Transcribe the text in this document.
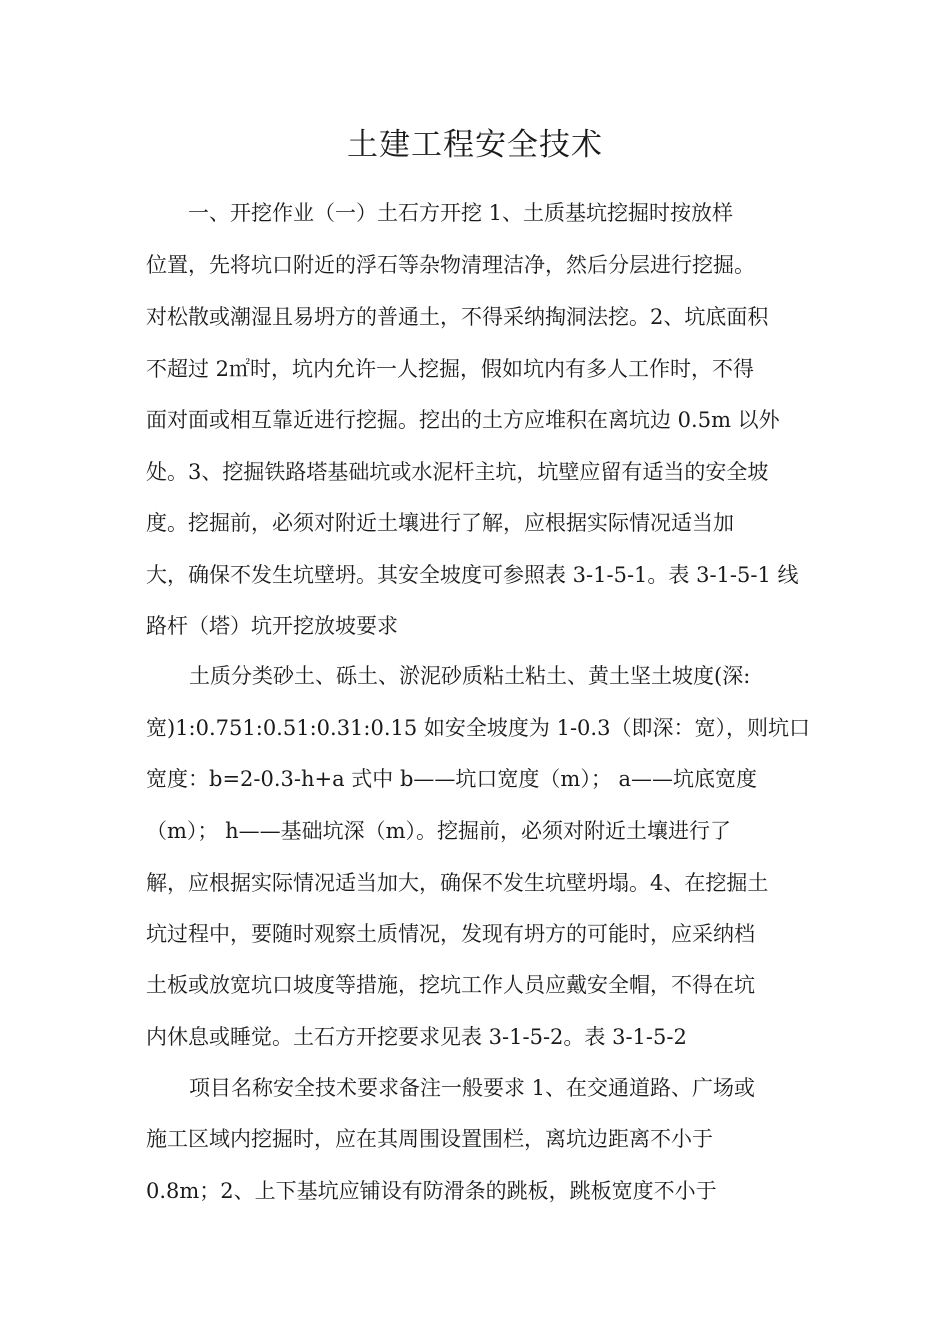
土建工程安全技术

　　一、开挖作业（一）土石方开挖 1、土质基坑挖掘时按放样

位置，先将坑口附近的浮石等杂物清理洁净，然后分层进行挖掘。

对松散或潮湿且易坍方的普通土，不得采纳掏洞法挖。2、坑底面积

不超过 2㎡时，坑内允许一人挖掘，假如坑内有多人工作时，不得

面对面或相互靠近进行挖掘。挖出的土方应堆积在离坑边 0.5m 以外

处。3、挖掘铁路塔基础坑或水泥杆主坑，坑壁应留有适当的安全坡

度。挖掘前，必须对附近土壤进行了解，应根据实际情况适当加

大，确保不发生坑壁坍。其安全坡度可参照表 3-1-5-1。表 3-1-5-1 线

路杆（塔）坑开挖放坡要求

土质分类砂土、砾土、淤泥砂质粘土粘土、黄土坚土坡度(深:

宽)1:0.751:0.51:0.31:0.15 如安全坡度为 1-0.3（即深：宽），则坑口

宽度：b=2-0.3-h+a 式中 b——坑口宽度（m）； a——坑底宽度

（m）； h——基础坑深（m）。挖掘前，必须对附近土壤进行了

解，应根据实际情况适当加大，确保不发生坑壁坍塌。4、在挖掘土

坑过程中，要随时观察土质情况，发现有坍方的可能时，应采纳档

土板或放宽坑口坡度等措施，挖坑工作人员应戴安全帽，不得在坑

内休息或睡觉。土石方开挖要求见表 3-1-5-2。表 3-1-5-2

项目名称安全技术要求备注一般要求 1、在交通道路、广场或

施工区域内挖掘时，应在其周围设置围栏，离坑边距离不小于

0.8m；2、上下基坑应铺设有防滑条的跳板，跳板宽度不小于
